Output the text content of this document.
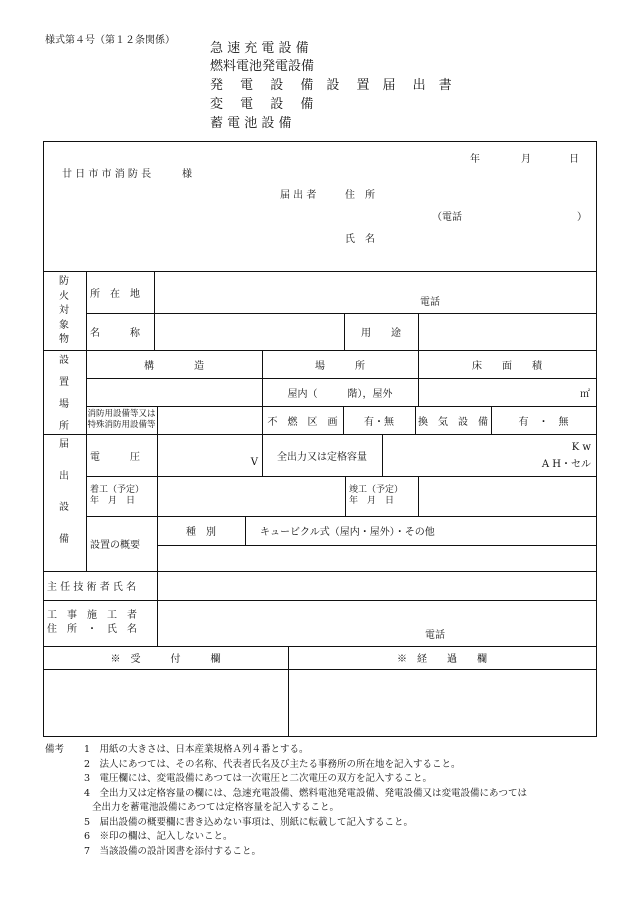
様式第４号（第１２条関係）
急 速 充 電 設 備
燃料電池発電設備
発　 電　 設　 備　設　 置　届　 出　書
変　 電　 設　 備
蓄 電 池 設 備
年	月	日
廿 日 市 市 消 防 長	様
届 出 者	住　所
（電話	）
氏　名
防
火
対
象
物
所　在　地
電話
名　　　称	用　　途
設

置

場

所
構　　　　造	場　　　所	床　　面　　積
屋内（　　　階），屋外	㎡
消防用設備等又は
特殊消防用設備等	不　燃　区　画	有・無	換　気　設　備	有　・　無
届

出

設

備
電　　　圧	V	全出力又は定格容量
K w
A H・セル
着工（予定）
年　月　日
竣工（予定）
年　月　日
設置の概要
種　別	キュービクル式（屋内・屋外）・その他
主 任 技 術 者 氏 名
工　事　施　工　者
住　所　・　氏　名	電話
※　受　　　付　　　欄	※　経　　過　　欄
備考 1　用紙の大きさは、日本産業規格Ａ列４番とする。
2　法人にあつては、その名称、代表者氏名及び主たる事務所の所在地を記入すること。
3　電圧欄には、変電設備にあつては一次電圧と二次電圧の双方を記入すること。
4　全出力又は定格容量の欄には、急速充電設備、燃料電池発電設備、発電設備又は変電設備にあつては
全出力を蓄電池設備にあつては定格容量を記入すること。
5　届出設備の概要欄に書き込めない事項は、別紙に転載して記入すること。
6　※印の欄は、記入しないこと。
7　当該設備の設計図書を添付すること。
